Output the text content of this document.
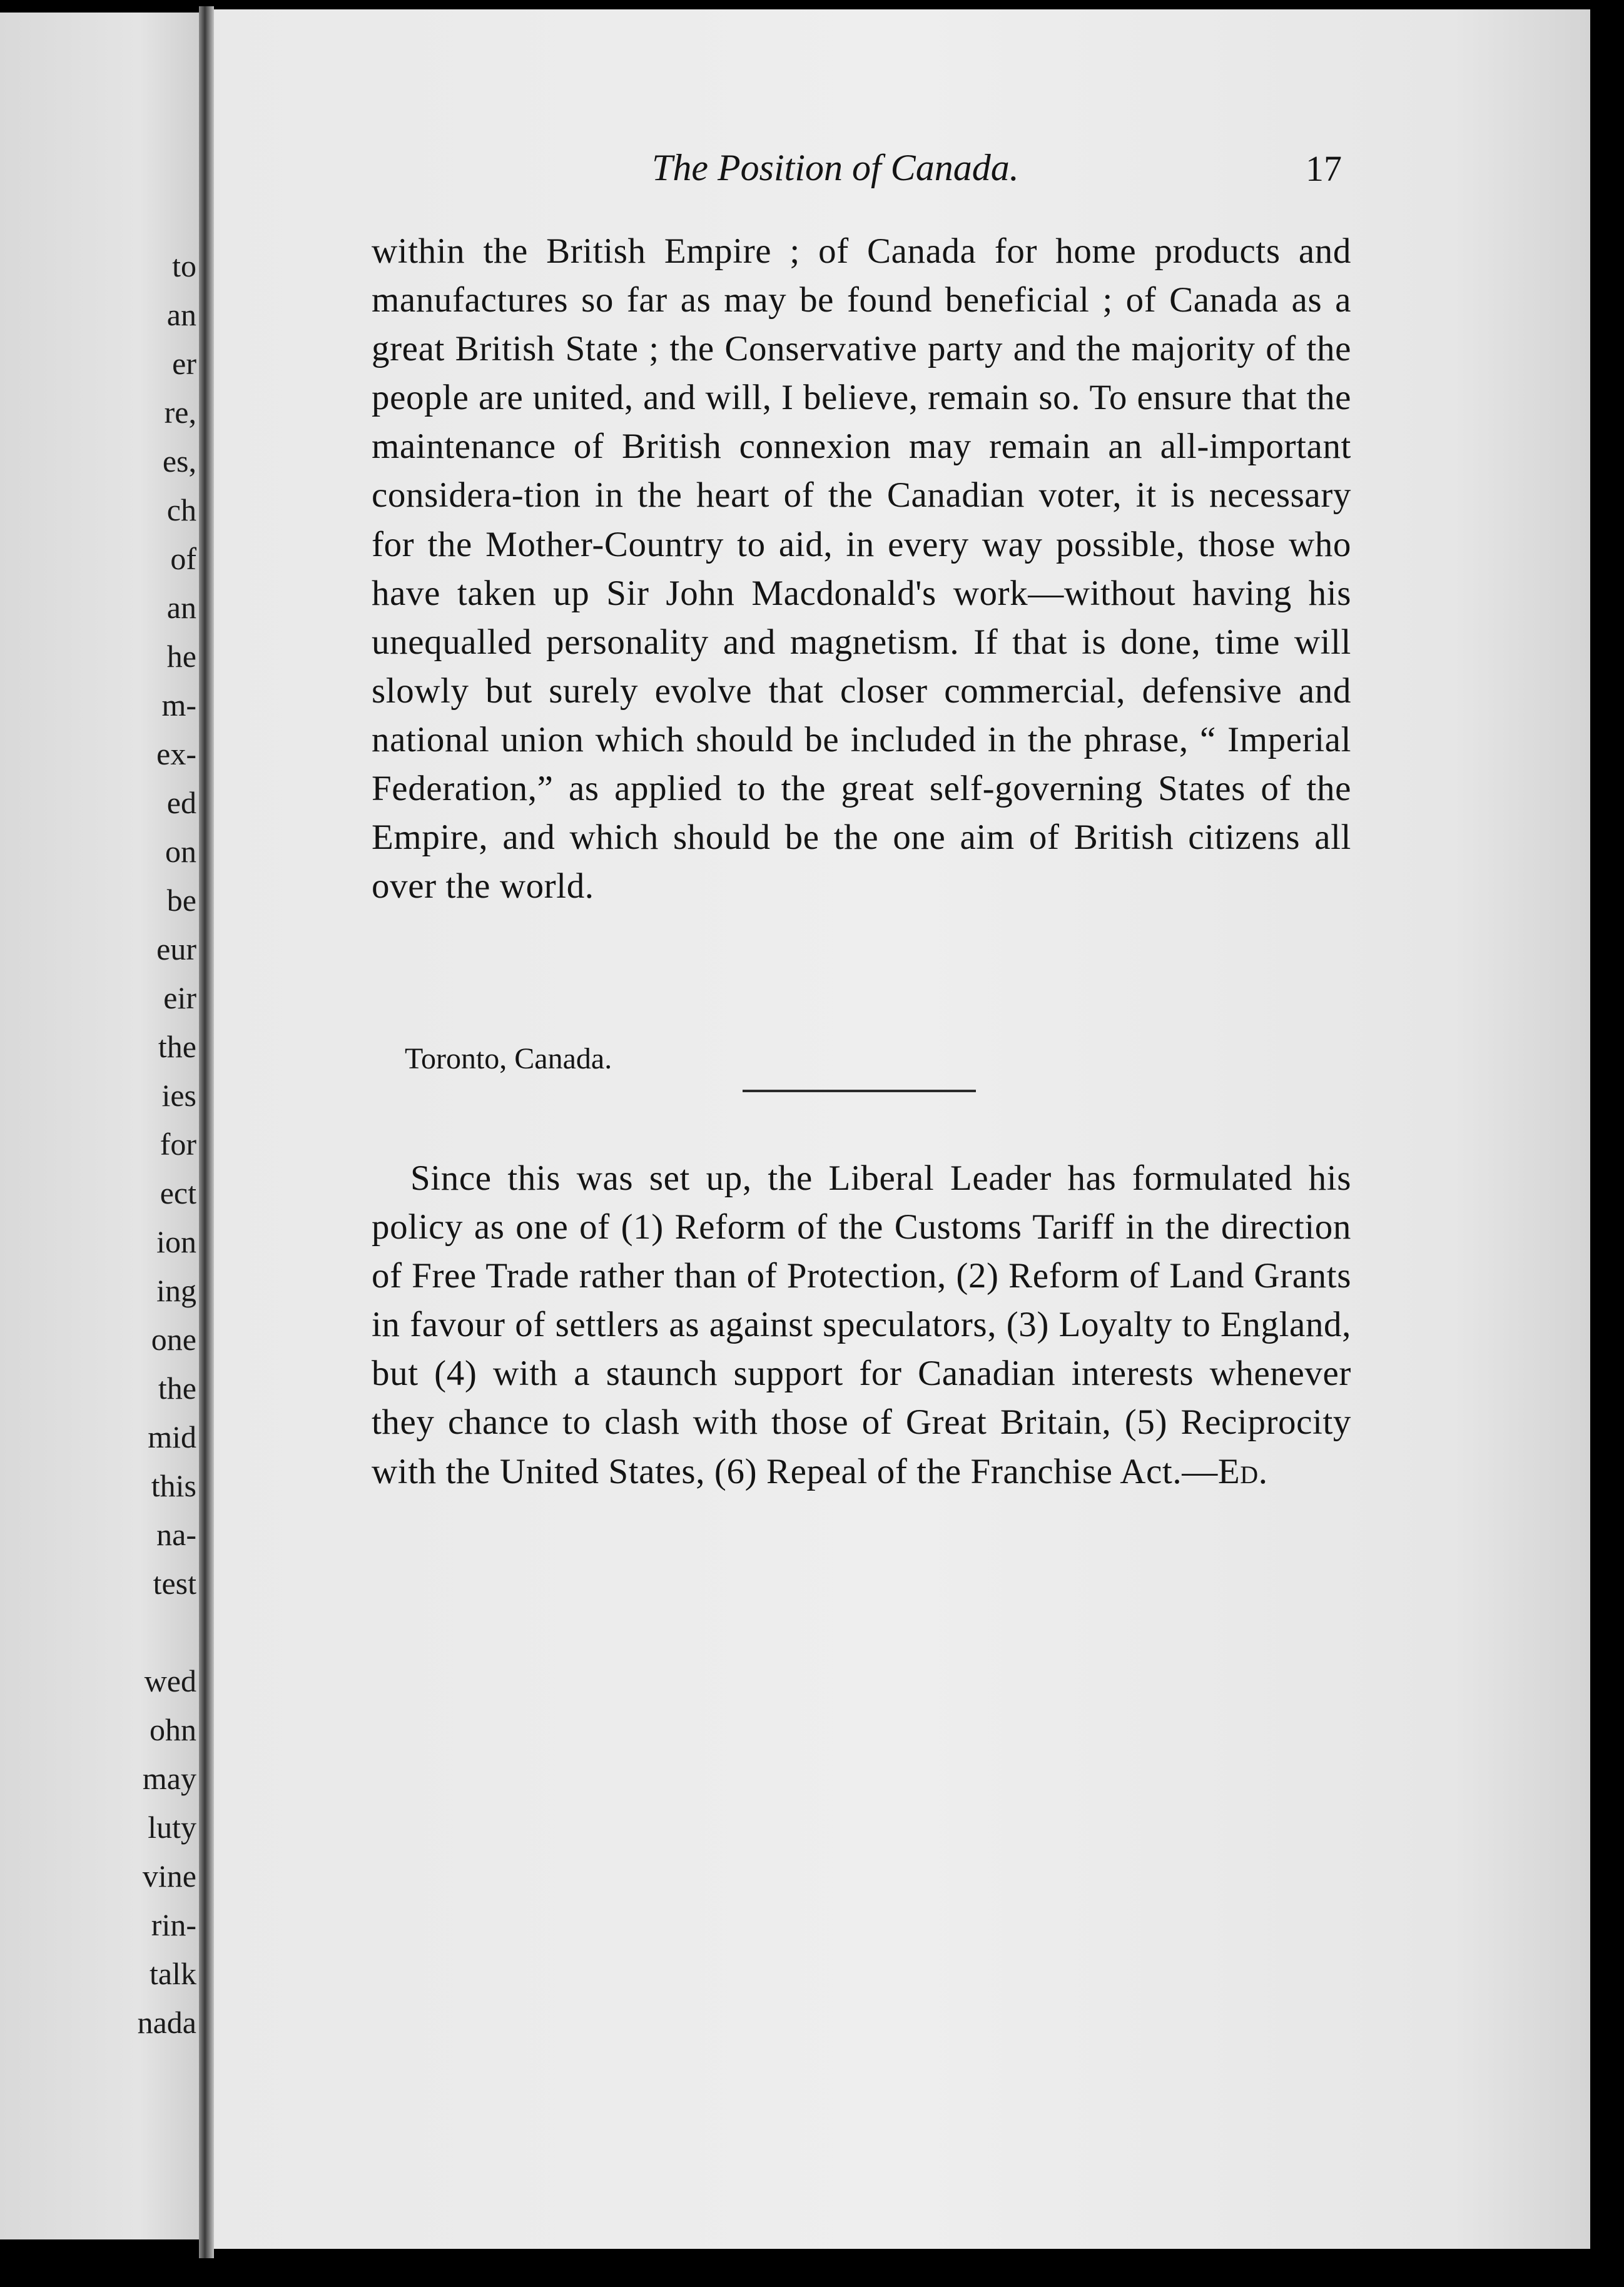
to
an
er
re,
es,
ch
of
an
he
m-
ex-
ed
on
be
eur
eir
the
ies
for
ect
ion
ing
one
the
mid
this
na-
test
wed
ohn
may
luty
vine
rin-
talk
nada
The Position of Canada.	17

within the British Empire ; of Canada for home products and manufactures so far as may be found beneficial ; of Canada as a great British State ; the Conservative party and the majority of the people are united, and will, I believe, remain so. To ensure that the maintenance of British connexion may remain an all-important considera-tion in the heart of the Canadian voter, it is necessary for the Mother-Country to aid, in every way possible, those who have taken up Sir John Macdonald's work—without having his unequalled personality and magnetism. If that is done, time will slowly but surely evolve that closer commercial, defensive and national union which should be included in the phrase, “ Imperial Federation,” as applied to the great self-governing States of the Empire, and which should be the one aim of British citizens all over the world.

Toronto, Canada.

Since this was set up, the Liberal Leader has formulated his policy as one of (1) Reform of the Customs Tariff in the direction of Free Trade rather than of Protection, (2) Reform of Land Grants in favour of settlers as against speculators, (3) Loyalty to England, but (4) with a staunch support for Canadian interests whenever they chance to clash with those of Great Britain, (5) Reciprocity with the United States, (6) Repeal of the Franchise Act.—Ed.
